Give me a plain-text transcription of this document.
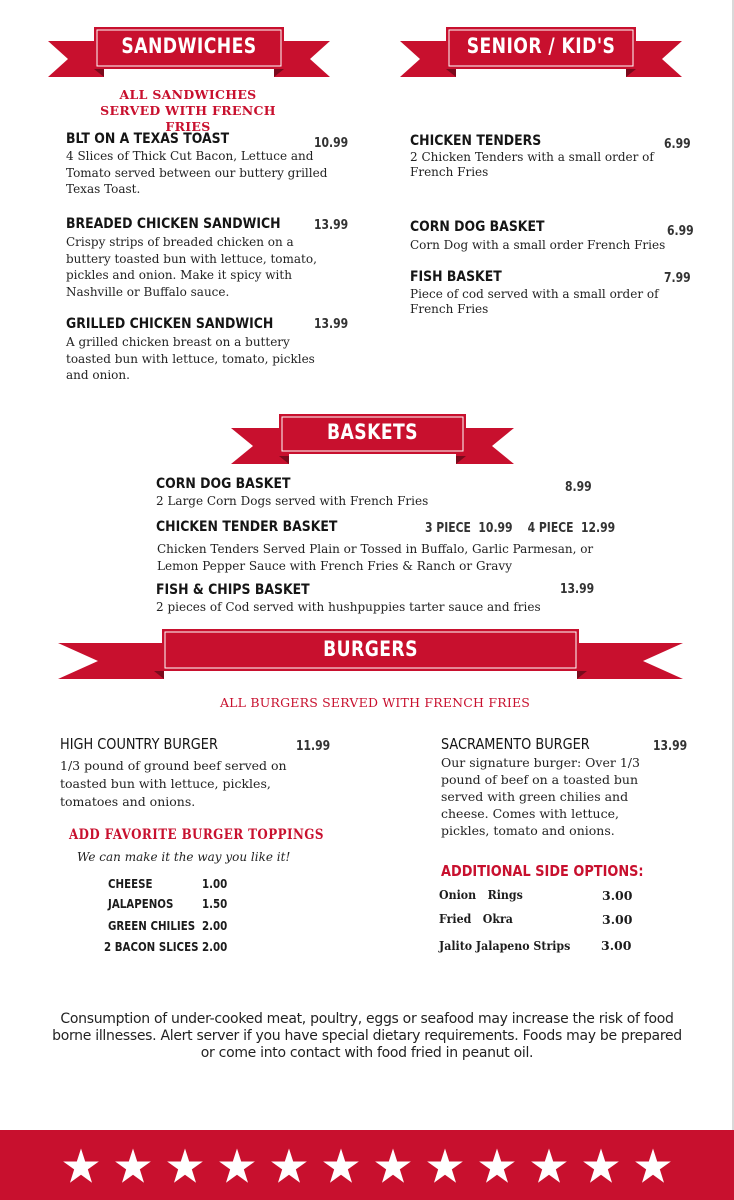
SANDWICHES	SENIOR / KID'S
ALL SANDWICHES SERVED WITH FRENCH FRIES
BLT ON A TEXAS TOAST	10.99
4 Slices of Thick Cut Bacon, Lettuce and Tomato served between our buttery grilled Texas Toast.
BREADED CHICKEN SANDWICH 13.99
Crispy strips of breaded chicken on a buttery toasted bun with lettuce, tomato, pickles and onion. Make it spicy with Nashville or Buffalo sauce.
GRILLED CHICKEN SANDWICH	13.99
A grilled chicken breast on a buttery toasted bun with lettuce, tomato, pickles and onion.
CHICKEN TENDERS	6.99
2 Chicken Tenders with a small order of French Fries
CORN DOG BASKET	6.99
Corn Dog with a small order French Fries
FISH BASKET	7.99
Piece of cod served with a small order of French Fries
BASKETS
CORN DOG BASKET	8.99
2 Large Corn Dogs served with French Fries
CHICKEN TENDER BASKET	3 PIECE  10.99    4 PIECE  12.99
Chicken Tenders Served Plain or Tossed in Buffalo, Garlic Parmesan, or Lemon Pepper Sauce with French Fries & Ranch or Gravy
FISH & CHIPS BASKET	13.99
2 pieces of Cod served with hushpuppies tarter sauce and fries
BURGERS
ALL BURGERS SERVED WITH FRENCH FRIES
HIGH COUNTRY BURGER	11.99
1/3 pound of ground beef served on toasted bun with lettuce, pickles, tomatoes and onions.
SACRAMENTO BURGER	13.99
Our signature burger: Over 1/3 pound of beef on a toasted bun served with green chilies and cheese. Comes with lettuce, pickles, tomato and onions.
ADD FAVORITE BURGER TOPPINGS
We can make it the way you like it!
CHEESE	1.00
JALAPENOS 1.50
GREEN CHILIES 2.00
2 BACON SLICES 2.00
ADDITIONAL SIDE OPTIONS:
Onion   Rings	3.00
Fried   Okra	3.00
Jalito Jalapeno Strips 3.00
Consumption of under-cooked meat, poultry, eggs or seafood may increase the risk of food borne illnesses. Alert server if you have special dietary requirements. Foods may be prepared or come into contact with food fried in peanut oil.
